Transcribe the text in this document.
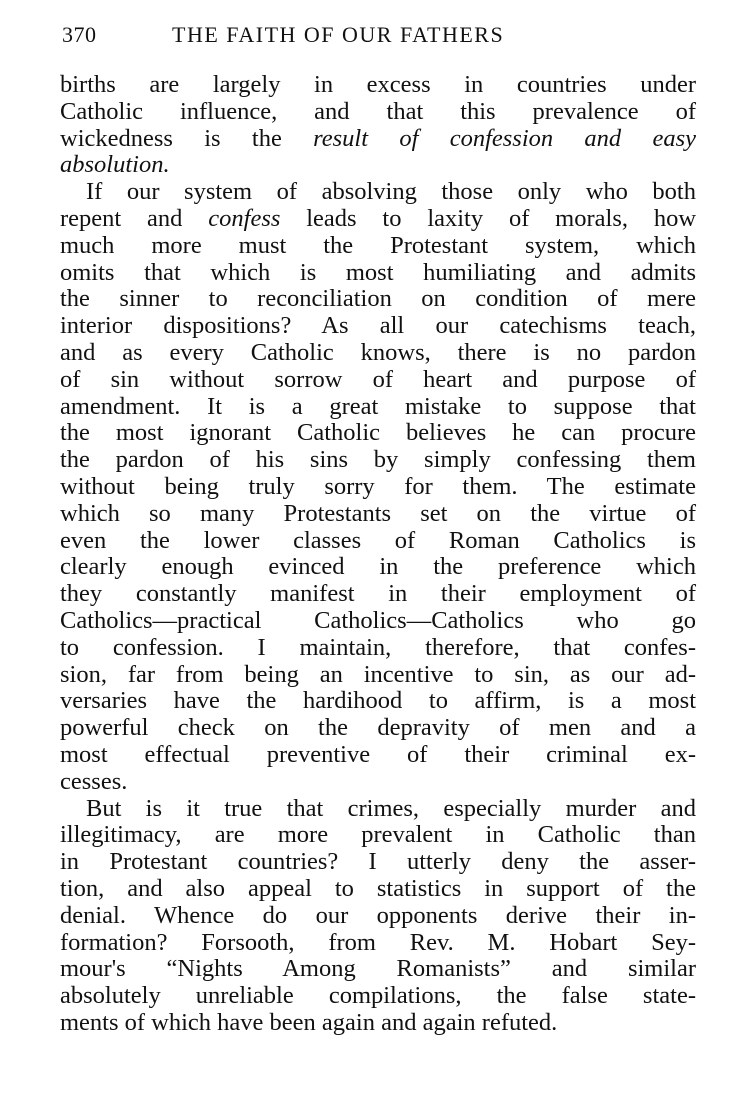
370	THE FAITH OF OUR FATHERS
births are largely in excess in countries under
Catholic influence, and that this prevalence of
wickedness is the result of confession and easy
absolution.
If our system of absolving those only who both
repent and confess leads to laxity of morals, how
much more must the Protestant system, which
omits that which is most humiliating and admits
the sinner to reconciliation on condition of mere
interior dispositions? As all our catechisms teach,
and as every Catholic knows, there is no pardon
of sin without sorrow of heart and purpose of
amendment. It is a great mistake to suppose that
the most ignorant Catholic believes he can procure
the pardon of his sins by simply confessing them
without being truly sorry for them. The estimate
which so many Protestants set on the virtue of
even the lower classes of Roman Catholics is
clearly enough evinced in the preference which
they constantly manifest in their employment of
Catholics—practical Catholics—Catholics who go
to confession. I maintain, therefore, that confes-
sion, far from being an incentive to sin, as our ad-
versaries have the hardihood to affirm, is a most
powerful check on the depravity of men and a
most effectual preventive of their criminal ex-
cesses.
But is it true that crimes, especially murder and
illegitimacy, are more prevalent in Catholic than
in Protestant countries? I utterly deny the asser-
tion, and also appeal to statistics in support of the
denial. Whence do our opponents derive their in-
formation? Forsooth, from Rev. M. Hobart Sey-
mour's “Nights Among Romanists” and similar
absolutely unreliable compilations, the false state-
ments of which have been again and again refuted.
